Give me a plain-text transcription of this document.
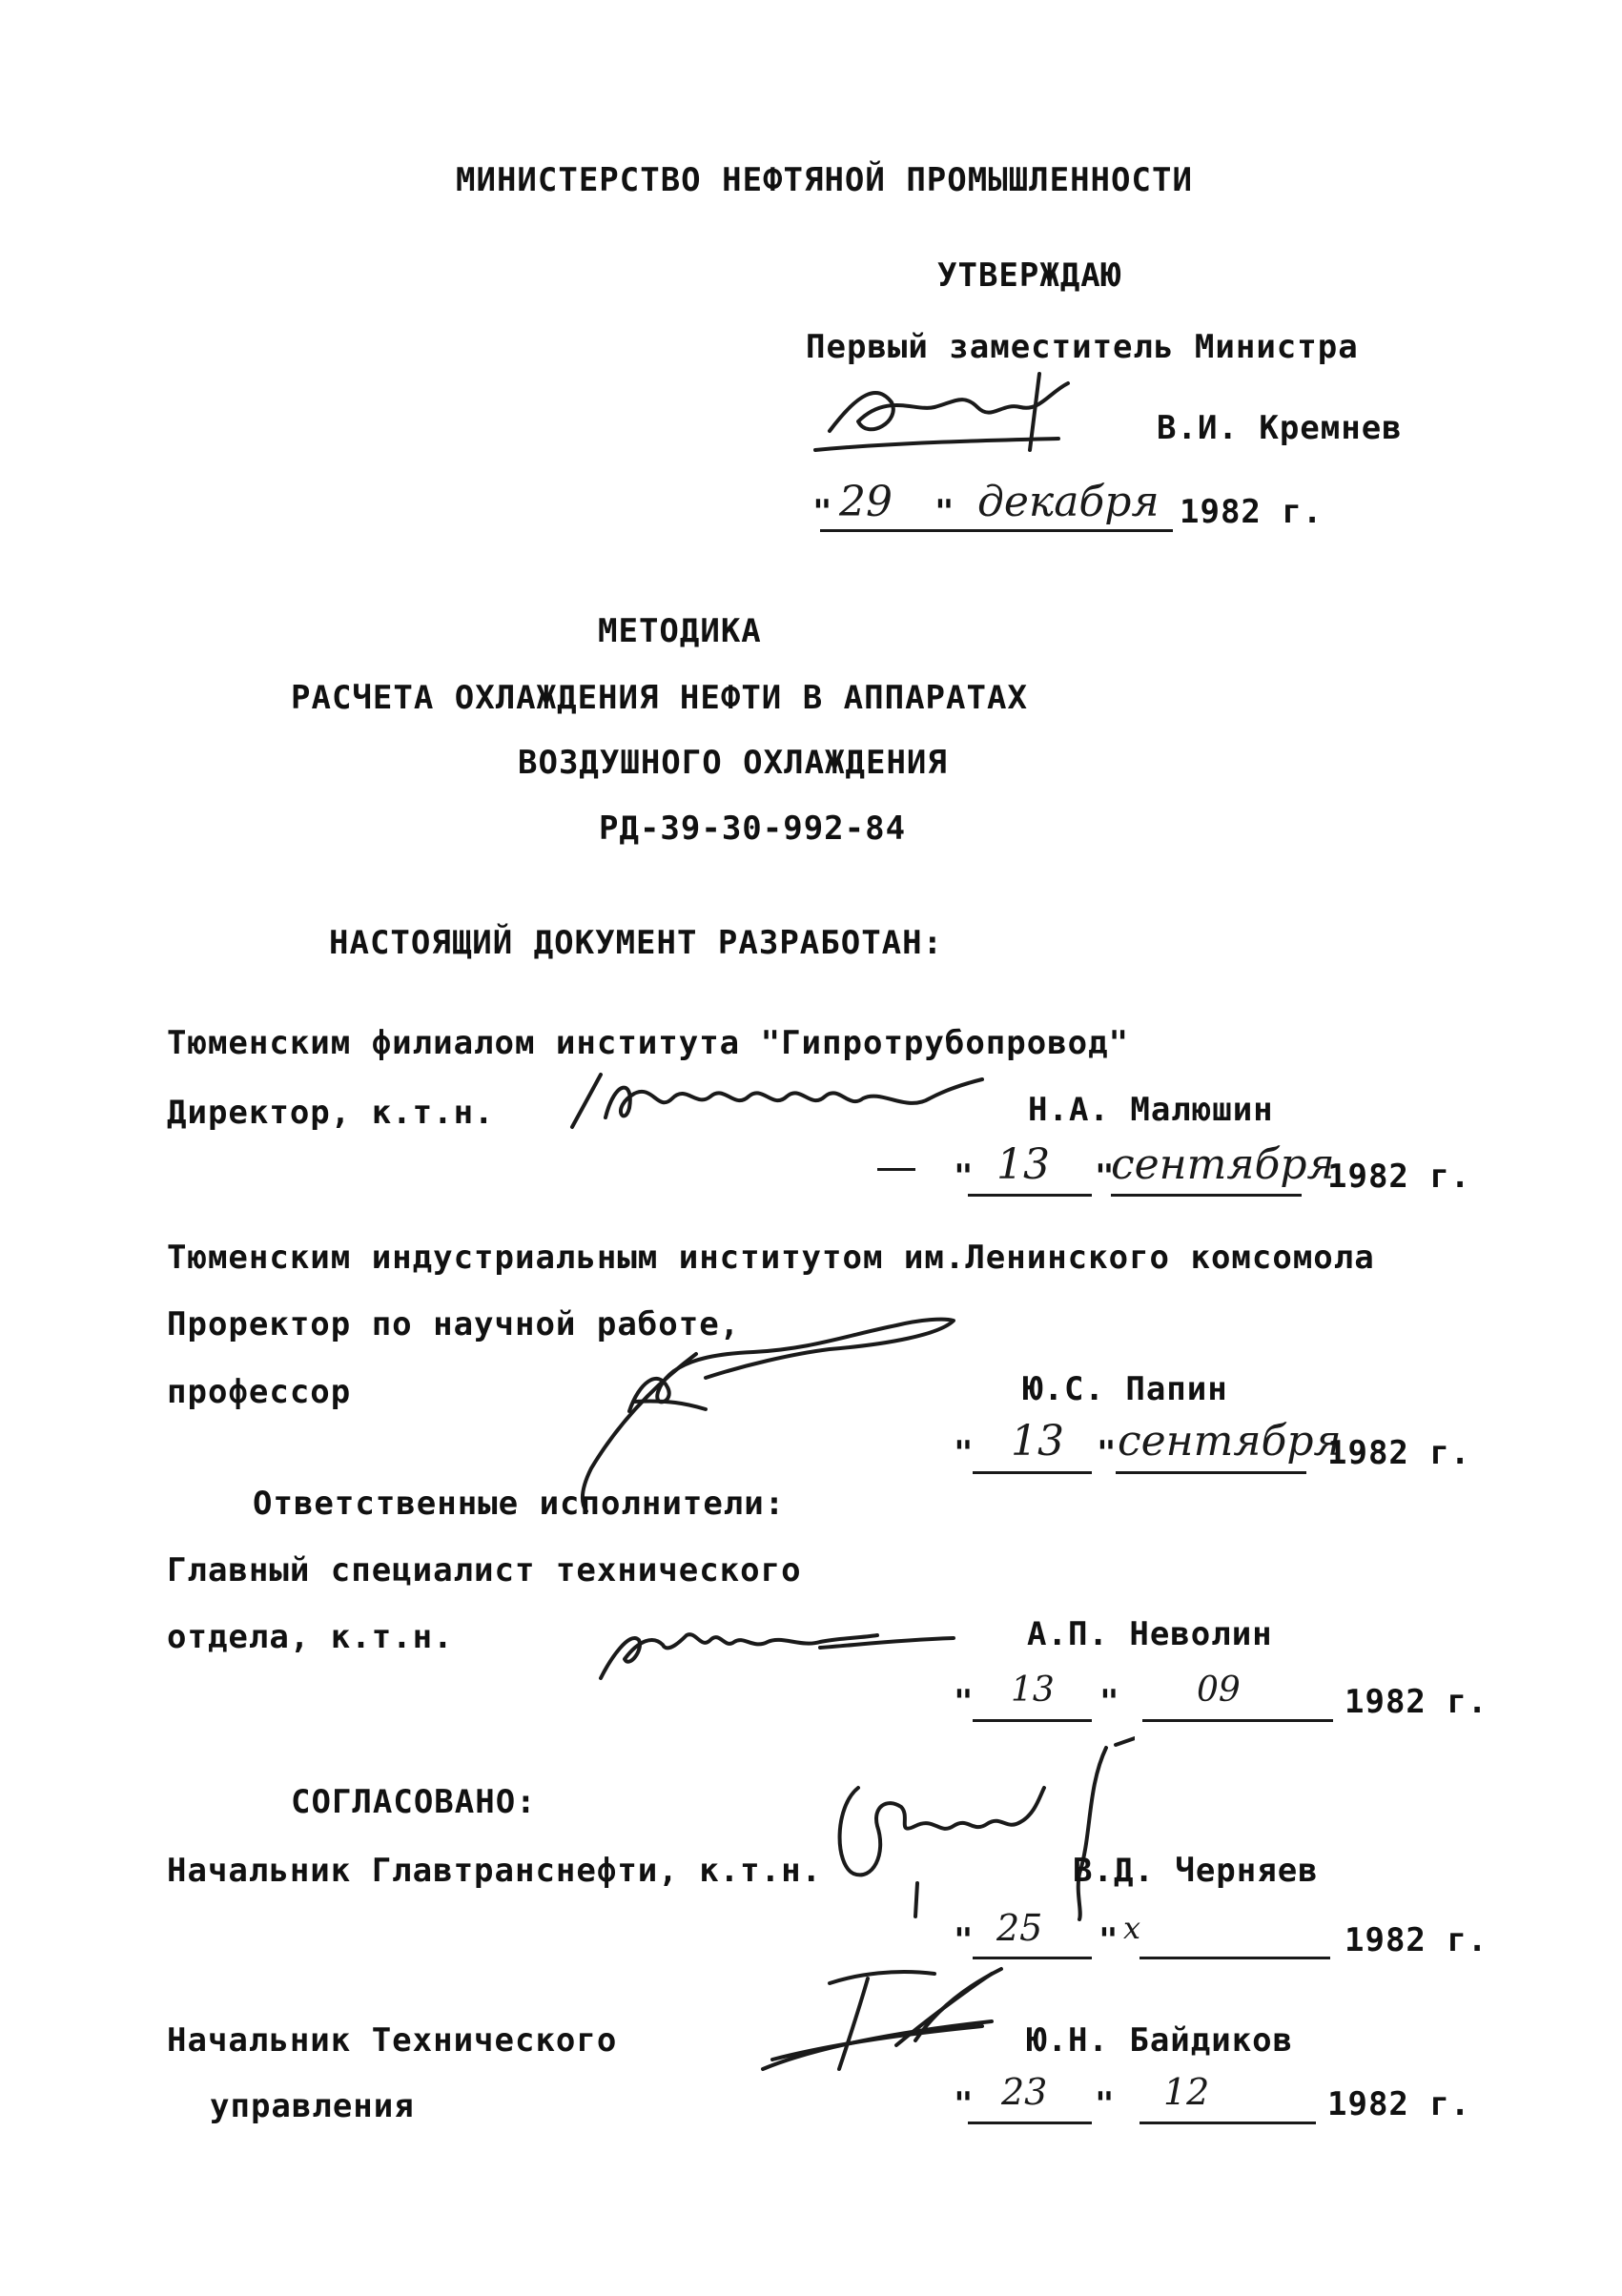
МИНИСТЕРСТВО НЕФТЯНОЙ ПРОМЫШЛЕННОСТИ
УТВЕРЖДАЮ
Первый заместитель Министра
В.И. Кремнев
" 29 " декабря 1982 г.
МЕТОДИКА
РАСЧЕТА ОХЛАЖДЕНИЯ НЕФТИ В АППАРАТАХ
ВОЗДУШНОГО ОХЛАЖДЕНИЯ
РД-39-30-992-84
НАСТОЯЩИЙ ДОКУМЕНТ РАЗРАБОТАН:
Тюменским филиалом института "Гипротрубопровод"
Директор, к.т.н.	Н.А. Малюшин
" 13 "
сентября
1982 г.
Тюменским индустриальным институтом им.Ленинского комсомола
Проректор по научной работе,
профессор	Ю.С. Папин
" 13 " сентября
1982 г.
Ответственные исполнители:
Главный специалист технического
отдела, к.т.н.	А.П. Неволин
" 13 " 09	1982 г.
СОГЛАСОВАНО:
Начальник Главтранснефти, к.т.н.	В.Д. Черняев
" 25 " x	1982 г.
Начальник Технического
управления
Ю.Н. Байдиков
" 23 " 12	1982 г.
